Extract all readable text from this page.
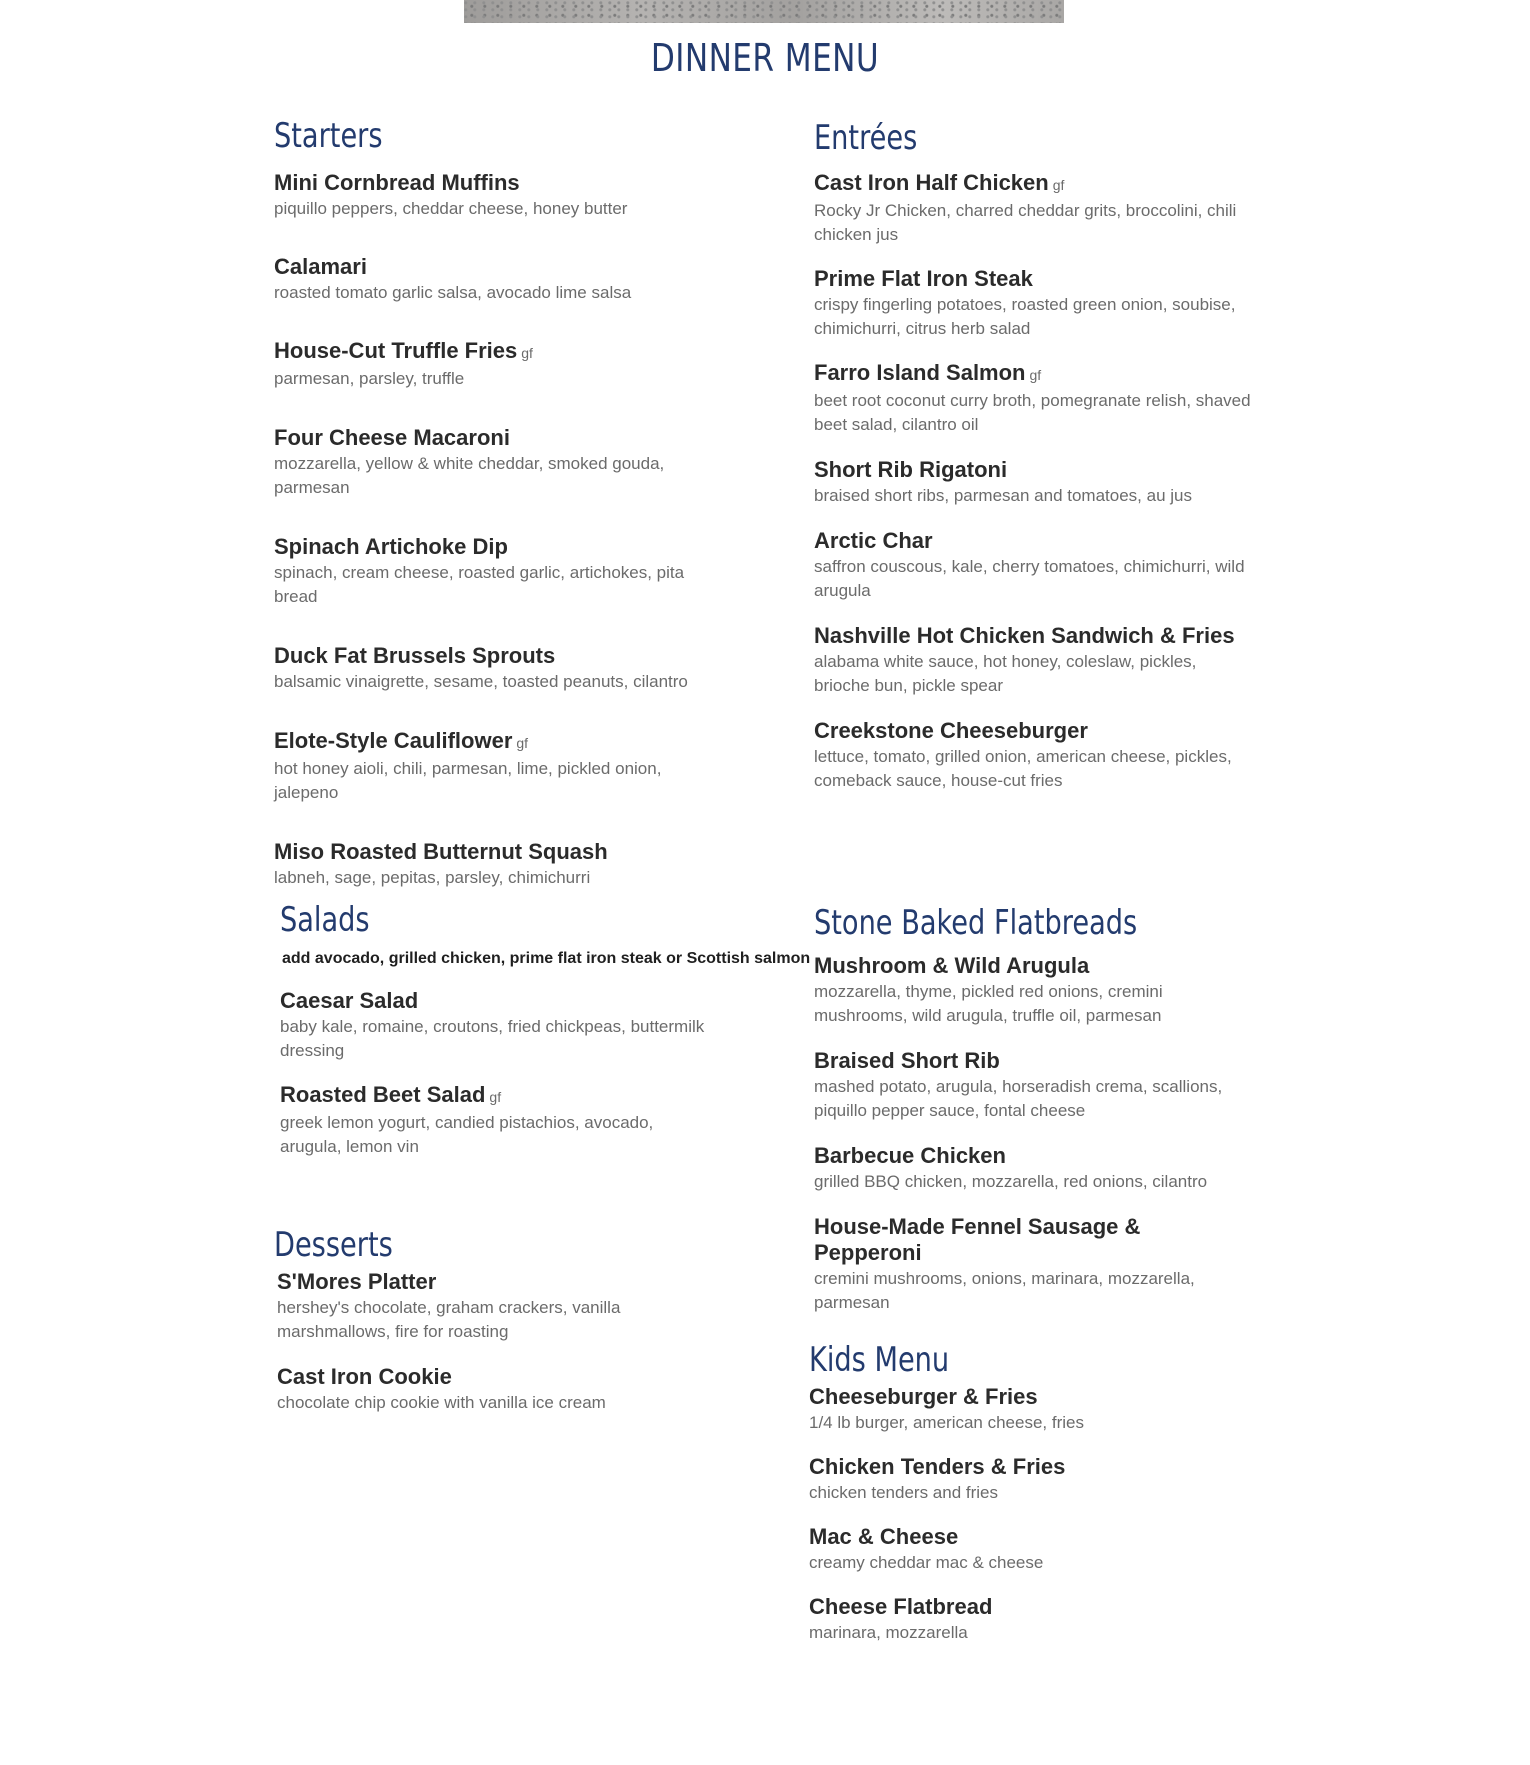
DINNER MENU
Starters
Mini Cornbread Muffins
piquillo peppers, cheddar cheese, honey butter
Calamari
roasted tomato garlic salsa, avocado lime salsa
House-Cut Truffle Fries gf
parmesan, parsley, truffle
Four Cheese Macaroni
mozzarella, yellow & white cheddar, smoked gouda, parmesan
Spinach Artichoke Dip
spinach, cream cheese, roasted garlic, artichokes, pita bread
Duck Fat Brussels Sprouts
balsamic vinaigrette, sesame, toasted peanuts, cilantro
Elote-Style Cauliflower gf
hot honey aioli, chili, parmesan, lime, pickled onion, jalepeno
Miso Roasted Butternut Squash
labneh, sage, pepitas, parsley, chimichurri
Entrées
Cast Iron Half Chicken gf
Rocky Jr Chicken, charred cheddar grits, broccolini, chili chicken jus
Prime Flat Iron Steak
crispy fingerling potatoes, roasted green onion, soubise, chimichurri, citrus herb salad
Farro Island Salmon gf
beet root coconut curry broth, pomegranate relish, shaved beet salad, cilantro oil
Short Rib Rigatoni
braised short ribs, parmesan and tomatoes, au jus
Arctic Char
saffron couscous, kale, cherry tomatoes, chimichurri, wild arugula
Nashville Hot Chicken Sandwich & Fries
alabama white sauce, hot honey, coleslaw, pickles, brioche bun, pickle spear
Creekstone Cheeseburger
lettuce, tomato, grilled onion, american cheese, pickles, comeback sauce, house-cut fries
Salads
add avocado, grilled chicken, prime flat iron steak or Scottish salmon
Caesar Salad
baby kale, romaine, croutons, fried chickpeas, buttermilk dressing
Roasted Beet Salad gf
greek lemon yogurt, candied pistachios, avocado, arugula, lemon vin
Stone Baked Flatbreads
Mushroom & Wild Arugula
mozzarella, thyme, pickled red onions, cremini mushrooms, wild arugula, truffle oil, parmesan
Braised Short Rib
mashed potato, arugula, horseradish crema, scallions, piquillo pepper sauce, fontal cheese
Barbecue Chicken
grilled BBQ chicken, mozzarella, red onions, cilantro
House-Made Fennel Sausage & Pepperoni
cremini mushrooms, onions, marinara, mozzarella, parmesan
Desserts
S'Mores Platter
hershey's chocolate, graham crackers, vanilla marshmallows, fire for roasting
Cast Iron Cookie
chocolate chip cookie with vanilla ice cream
Kids Menu
Cheeseburger & Fries
1/4 lb burger, american cheese, fries
Chicken Tenders & Fries
chicken tenders and fries
Mac & Cheese
creamy cheddar mac & cheese
Cheese Flatbread
marinara, mozzarella
